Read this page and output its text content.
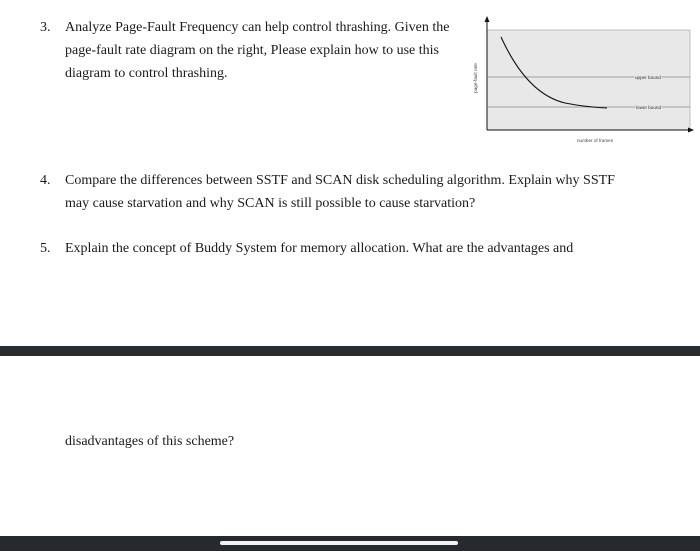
3. Analyze Page-Fault Frequency can help control thrashing. Given the page-fault rate diagram on the right, Please explain how to use this diagram to control thrashing.	page-fault rate
number of frames
upper bound
lower bound
4. Compare the differences between SSTF and SCAN disk scheduling algorithm. Explain why SSTF may cause starvation and why SCAN is still possible to cause starvation?
5. Explain the concept of Buddy System for memory allocation. What are the advantages and
disadvantages of this scheme?
